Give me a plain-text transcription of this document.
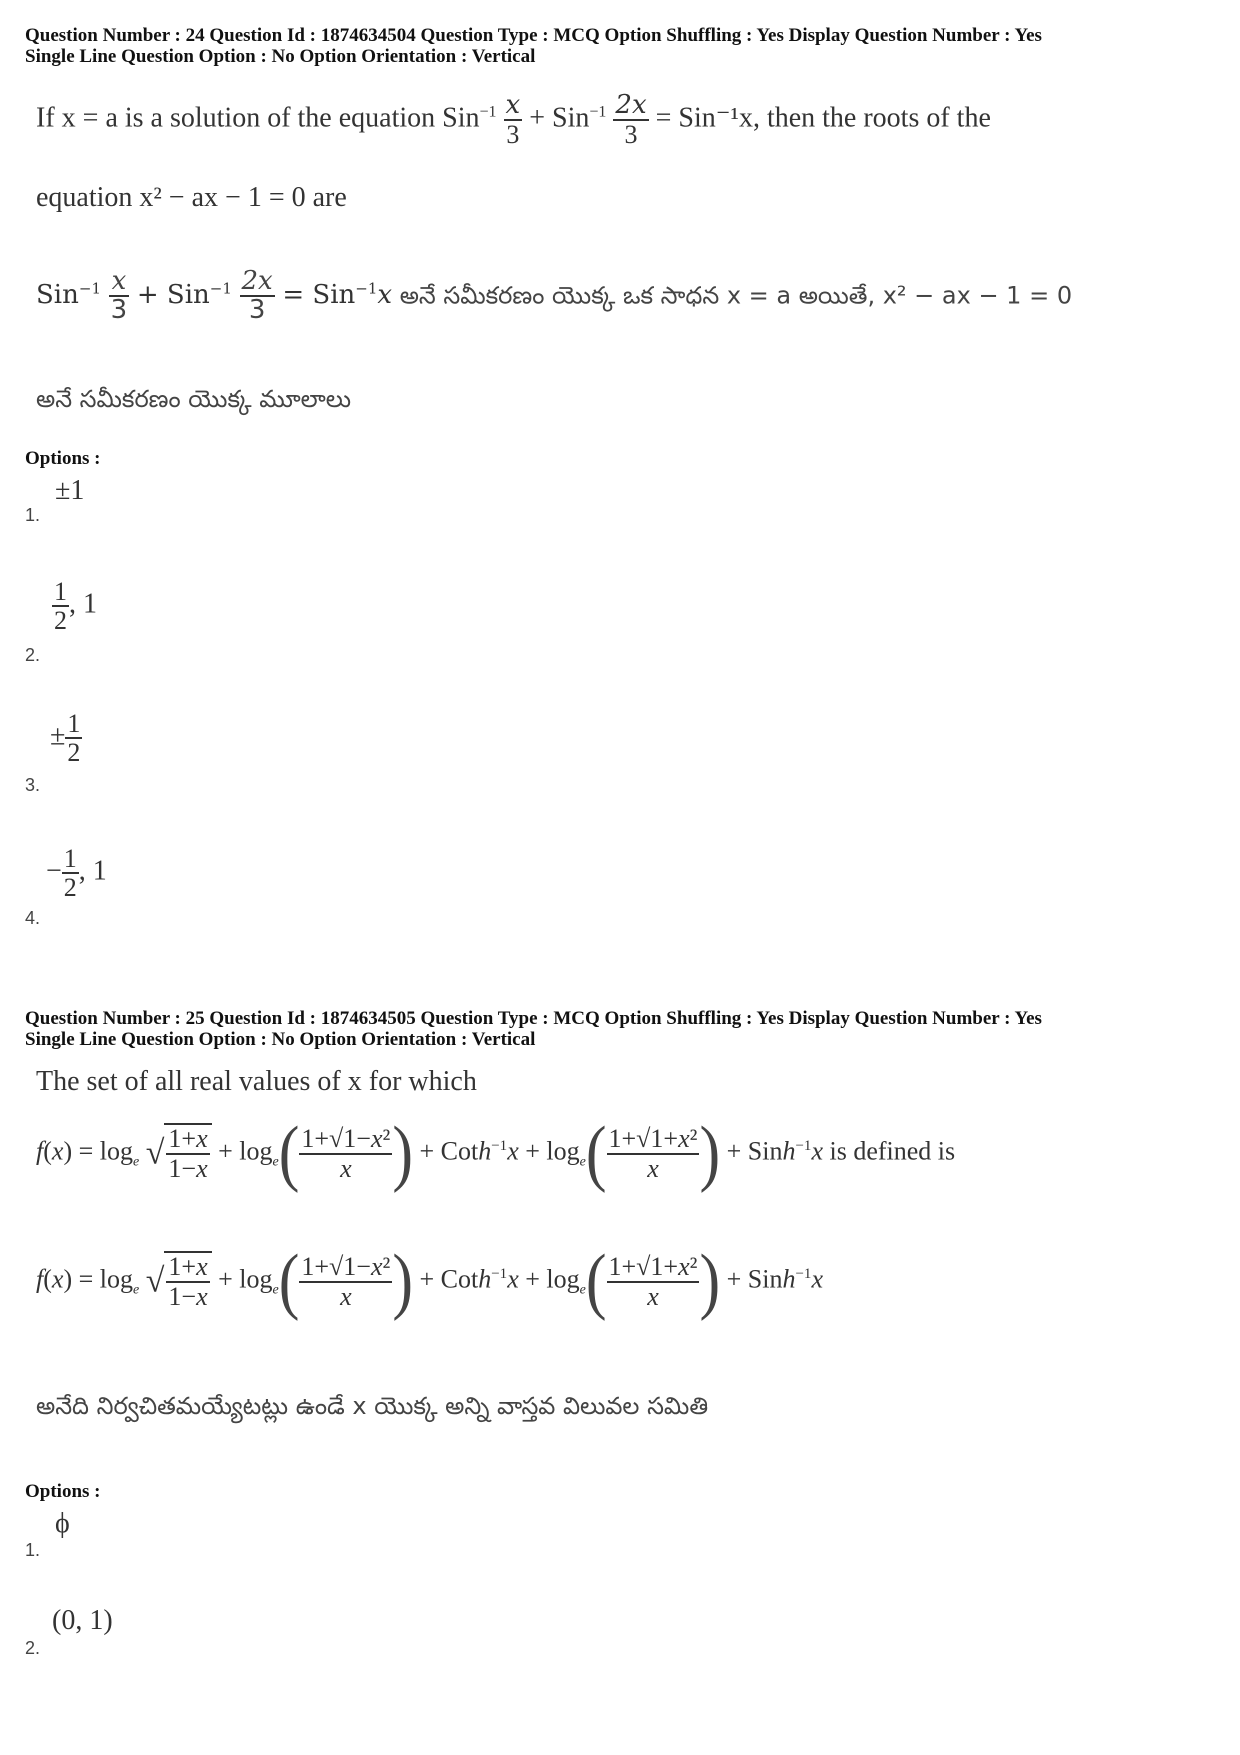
Question Number : 24 Question Id : 1874634504 Question Type : MCQ Option Shuffling : Yes Display Question Number : Yes
Single Line Question Option : No Option Orientation : Vertical
If x = a is a solution of the equation $Sin^{-1} \frac{x}{3} + Sin^{-1} \frac{2x}{3} = Sin^{-1}x$, then the roots of the
equation x² − ax − 1 = 0 are
$Sin^{-1} \frac{x}{3} + Sin^{-1} \frac{2x}{3} = Sin^{-1}x$ అనే సమీకరణం యొక్క ఒక సాధన x = a అయితే, x² − ax − 1 = 0
అనే సమీకరణం యొక్క మూలాలు
Options :
1.
±1
2.
$\frac{1}{2}$ , 1
3.
± $\frac{1}{2}$
4.
− $\frac{1}{2}$ , 1
Question Number : 25 Question Id : 1874634505 Question Type : MCQ Option Shuffling : Yes Display Question Number : Yes
Single Line Question Option : No Option Orientation : Vertical
The set of all real values of x for which
$f(x) = \log_e$ √ $\frac{1+x}{1-x} + \log_e( \frac{\text{1+√1−x²}}{x}$ ) + Coth$^{-1}$x + $\log_e( \frac{\text{1+√1+x²}}{x}$ ) + Sinh$^{-1}$x is defined is
$f(x) = \log_e$ √ $\frac{1+x}{1-x} + \log_e( \frac{\text{1+√1−x²}}{x}$ ) + Coth$^{-1}$x + $\log_e( \frac{\text{1+√1+x²}}{x}$ ) + Sinh$^{-1}$x
అనేది నిర్వచితమయ్యేటట్లు ఉండే x యొక్క అన్ని వాస్తవ విలువల సమితి
Options :
1.
ϕ
2.
(0, 1)
